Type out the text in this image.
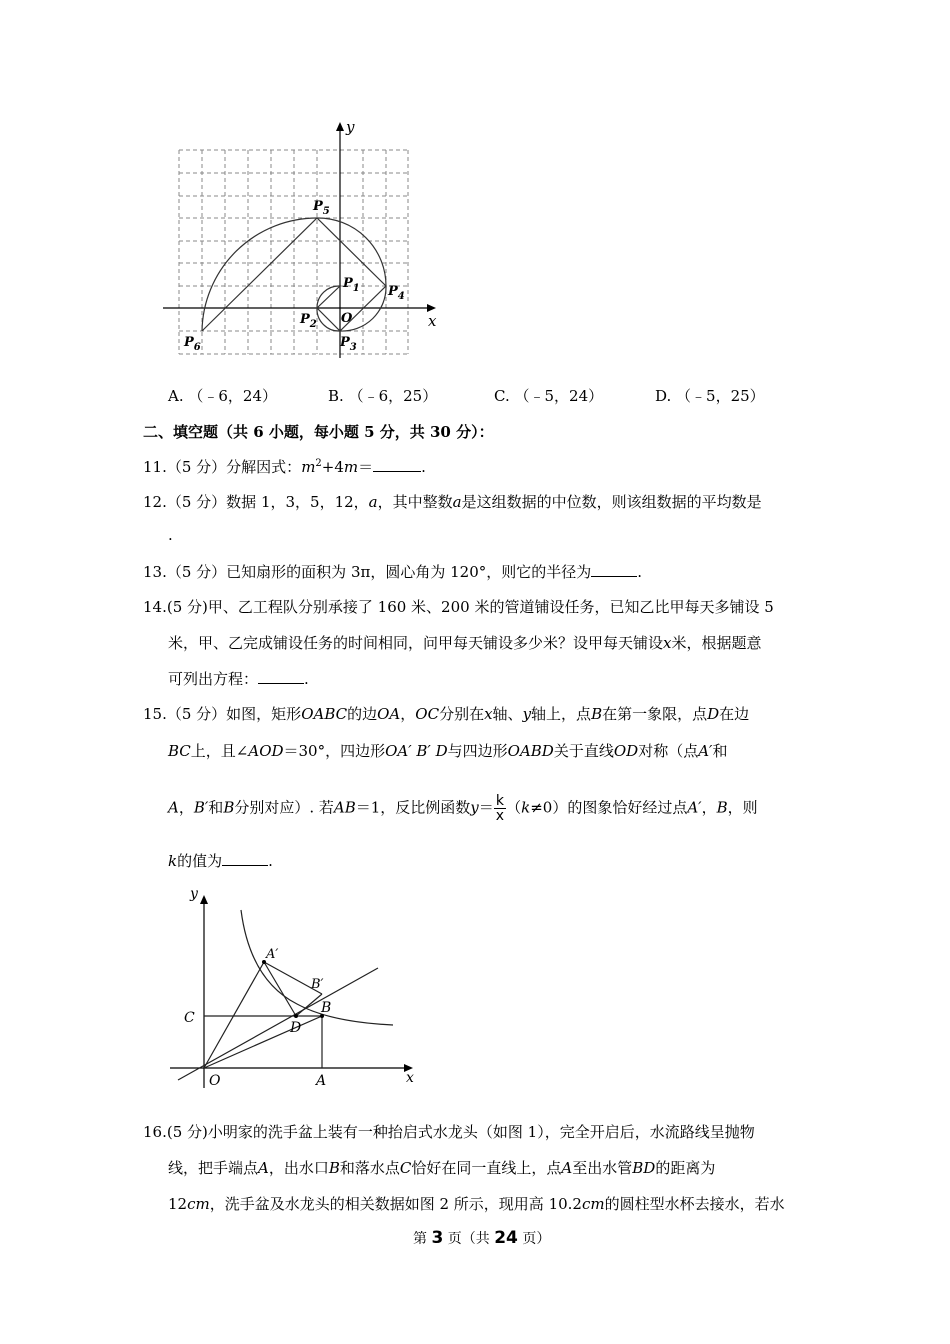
y
x
O
$P_5$
$P_1$ $P_4$
$P_2$
$P_3$
$P_6$
A. （﹣6，24）	B. （﹣6，25）	C. （﹣5，24）	D. （﹣5，25）
二、填空题（共 6 小题，每小题 5 分，共 30 分）：
11.（5 分）分解因式：$m^2+4m=$	.
12.（5 分）数据 1，3，5，12，a，其中整数a是这组数据的中位数，则该组数据的平均数是
.
13.（5 分）已知扇形的面积为 3π，圆心角为 120°，则它的半径为	.
14.(5 分)甲、乙工程队分别承接了 160 米、200 米的管道铺设任务，已知乙比甲每天多铺设 5
米，甲、乙完成铺设任务的时间相同，问甲每天铺设多少米？设甲每天铺设x米，根据题意
可列出方程：	.
15.（5 分）如图，矩形OABC的边OA，OC分别在x轴、y轴上，点B在第一象限，点D在边
BC上，且∠AOD＝30°，四边形OA′ B′ D与四边形OABD关于直线OD对称（点A′和
A，B′和B分别对应）. 若AB＝1，反比例函数$y= \frac{k}{x} (k\ne 0)$的图象恰好经过点A′，B，则
k的值为	.
y
x
C
O	A
D
B
A′
B′
16.(5 分)小明家的洗手盆上装有一种抬启式水龙头（如图 1），完全开启后，水流路线呈抛物
线，把手端点A，出水口B和落水点C恰好在同一直线上，点A至出水管BD的距离为
12cm，洗手盆及水龙头的相关数据如图 2 所示，现用高 10.2cm的圆柱型水杯去接水，若水
第 3 页（共 24 页）
